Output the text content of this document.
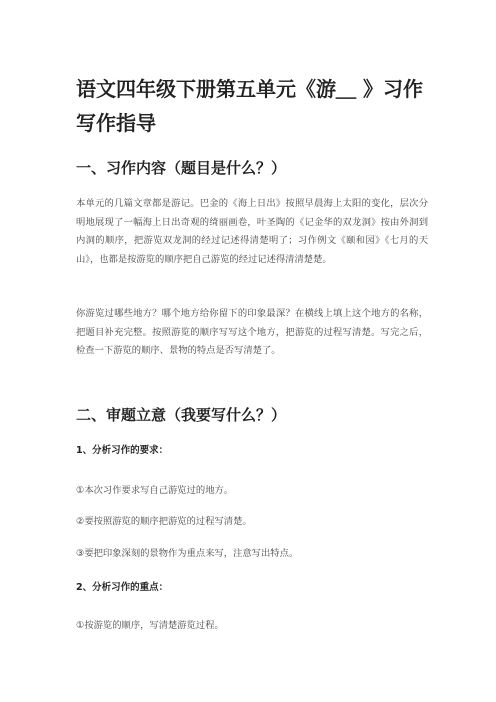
语文四年级下册第五单元《游＿ 》习作写作指导
一、习作内容（题目是什么？）

本单元的几篇文章都是游记。巴金的《海上日出》按照早晨海上太阳的变化，层次分明地展现了一幅海上日出奇观的绮丽画卷，叶圣陶的《记金华的双龙洞》按由外洞到内洞的顺序，把游览双龙洞的经过记述得清楚明了；习作例文《颐和园》《七月的天山》，也都是按游览的顺序把自己游览的经过记述得清清楚楚。

你游览过哪些地方？哪个地方给你留下的印象最深？在横线上填上这个地方的名称，把题目补充完整。按照游览的顺序写写这个地方，把游览的过程写清楚。写完之后，检查一下游览的顺序、景物的特点是否写清楚了。

二、审题立意（我要写什么？）
1、分析习作的要求：

①本次习作要求写自己游览过的地方。

②要按照游览的顺序把游览的过程写清楚。

③要把印象深刻的景物作为重点来写，注意写出特点。

2、分析习作的重点：

①按游览的顺序，写清楚游览过程。
